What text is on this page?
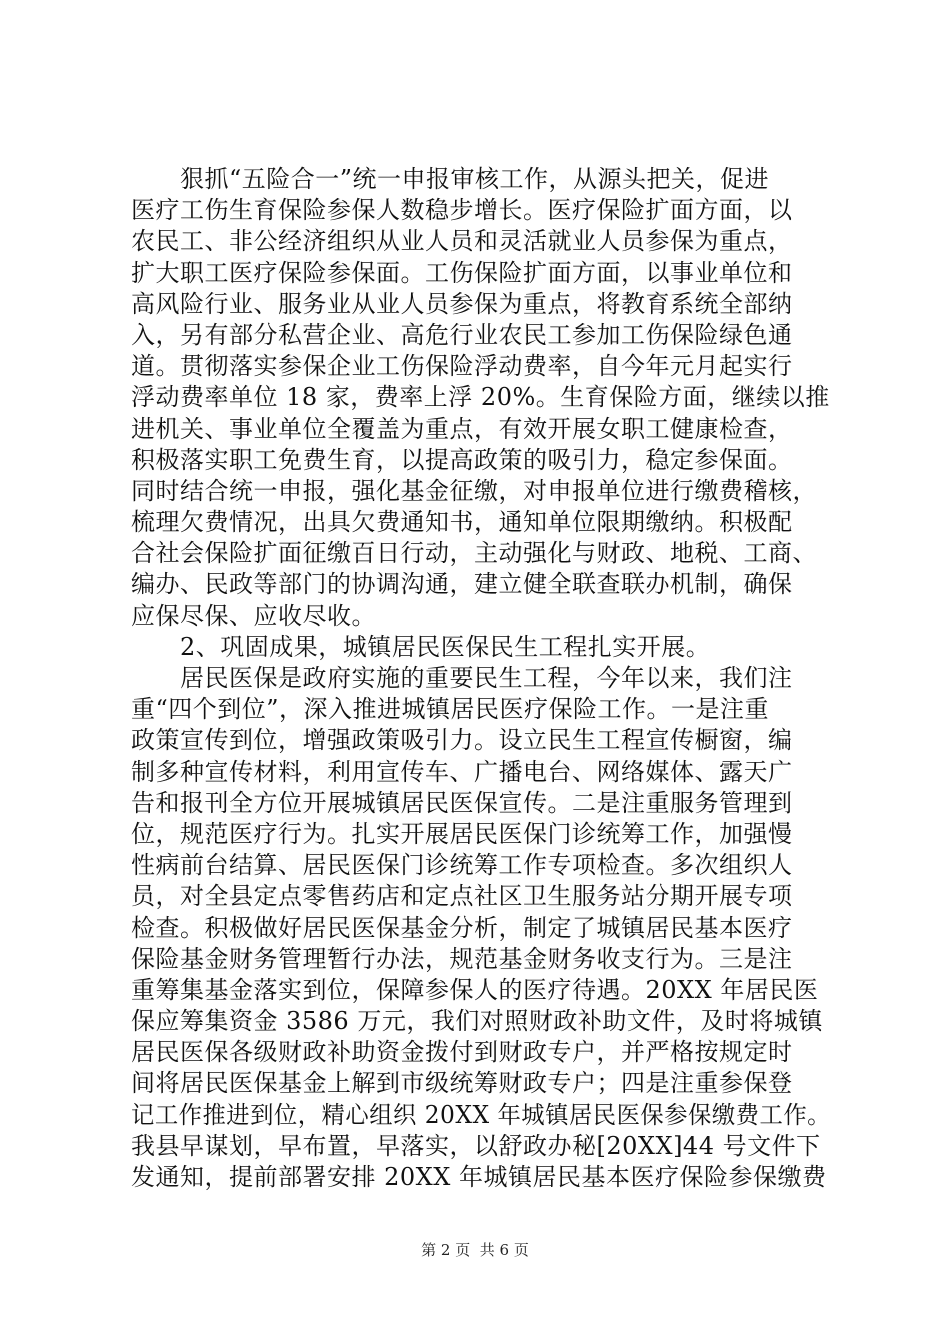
　　狠抓“五险合一”统一申报审核工作，从源头把关，促进
医疗工伤生育保险参保人数稳步增长。医疗保险扩面方面，以
农民工、非公经济组织从业人员和灵活就业人员参保为重点，
扩大职工医疗保险参保面。工伤保险扩面方面，以事业单位和
高风险行业、服务业从业人员参保为重点，将教育系统全部纳
入，另有部分私营企业、高危行业农民工参加工伤保险绿色通
道。贯彻落实参保企业工伤保险浮动费率，自今年元月起实行
浮动费率单位 18 家，费率上浮 20%。生育保险方面，继续以推
进机关、事业单位全覆盖为重点，有效开展女职工健康检查，
积极落实职工免费生育，以提高政策的吸引力，稳定参保面。
同时结合统一申报，强化基金征缴，对申报单位进行缴费稽核，
梳理欠费情况，出具欠费通知书，通知单位限期缴纳。积极配
合社会保险扩面征缴百日行动，主动强化与财政、地税、工商、
编办、民政等部门的协调沟通，建立健全联查联办机制，确保
应保尽保、应收尽收。
　　2、巩固成果，城镇居民医保民生工程扎实开展。
　　居民医保是政府实施的重要民生工程，今年以来，我们注
重“四个到位”，深入推进城镇居民医疗保险工作。一是注重
政策宣传到位，增强政策吸引力。设立民生工程宣传橱窗，编
制多种宣传材料，利用宣传车、广播电台、网络媒体、露天广
告和报刊全方位开展城镇居民医保宣传。二是注重服务管理到
位，规范医疗行为。扎实开展居民医保门诊统筹工作，加强慢
性病前台结算、居民医保门诊统筹工作专项检查。多次组织人
员，对全县定点零售药店和定点社区卫生服务站分期开展专项
检查。积极做好居民医保基金分析，制定了城镇居民基本医疗
保险基金财务管理暂行办法，规范基金财务收支行为。三是注
重筹集基金落实到位，保障参保人的医疗待遇。20XX 年居民医
保应筹集资金 3586 万元，我们对照财政补助文件，及时将城镇
居民医保各级财政补助资金拨付到财政专户，并严格按规定时
间将居民医保基金上解到市级统筹财政专户；四是注重参保登
记工作推进到位，精心组织 20XX 年城镇居民医保参保缴费工作。
我县早谋划，早布置，早落实，以舒政办秘[20XX]44 号文件下
发通知，提前部署安排 20XX 年城镇居民基本医疗保险参保缴费
第 2 页  共 6 页
